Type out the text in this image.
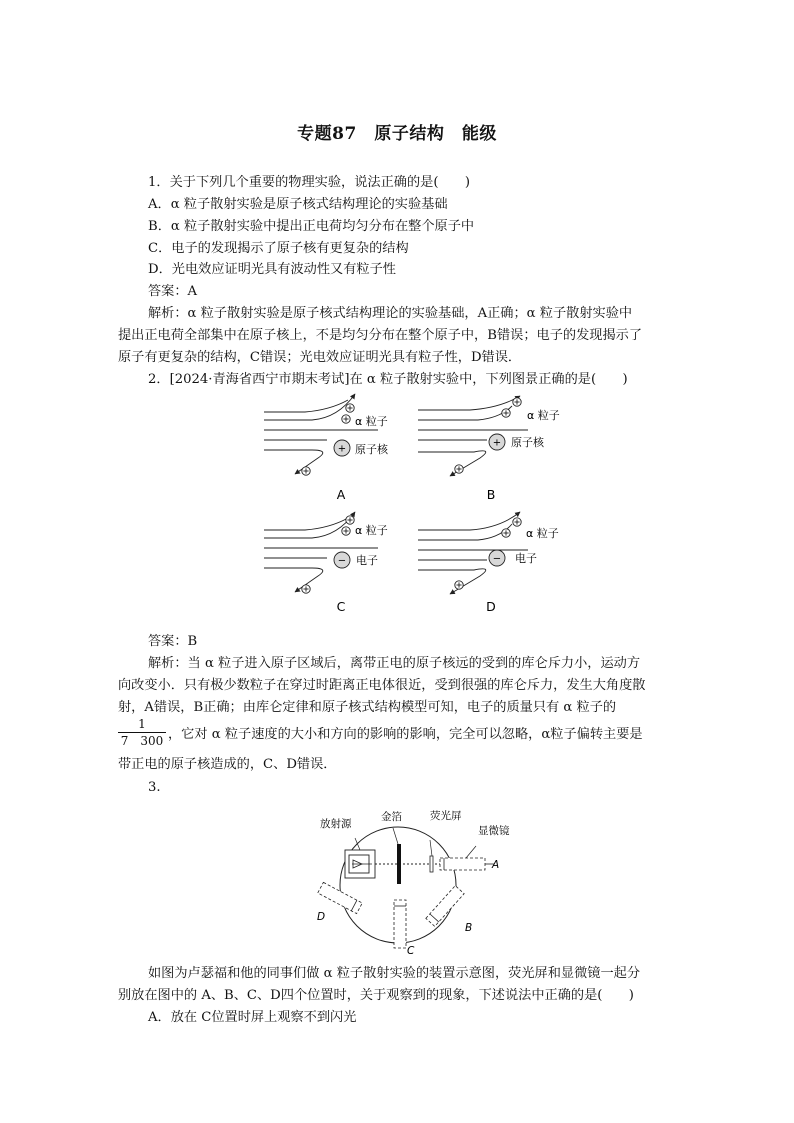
专题87　原子结构　能级
1．关于下列几个重要的物理实验，说法正确的是(　　)
A．α 粒子散射实验是原子核式结构理论的实验基础
B．α 粒子散射实验中提出正电荷均匀分布在整个原子中
C．电子的发现揭示了原子核有更复杂的结构
D．光电效应证明光具有波动性又有粒子性
答案：A
解析：α 粒子散射实验是原子核式结构理论的实验基础，A正确；α 粒子散射实验中
提出正电荷全部集中在原子核上，不是均匀分布在整个原子中，B错误；电子的发现揭示了
原子有更复杂的结构，C错误；光电效应证明光具有粒子性，D错误．
2．[2024·青海省西宁市期末考试]在 α 粒子散射实验中，下列图景正确的是(　　)
+
α 粒子
原子核
A
+
α 粒子
原子核
B
−
α 粒子
电子
C
−
α 粒子
电子
D
答案：B
解析：当 α 粒子进入原子区域后，离带正电的原子核远的受到的库仑斥力小，运动方
向改变小．只有极少数粒子在穿过时距离正电体很近，受到很强的库仑斥力，发生大角度散
射，A错误，B正确；由库仑定律和原子核式结构模型可知，电子的质量只有 α 粒子的
1
7　300 ，它对 α 粒子速度的大小和方向的影响的影响，完全可以忽略，α粒子偏转主要是
带正电的原子核造成的，C、D错误．
3.
放射源
金箔	荧光屏
显微镜
A
B
C
D
如图为卢瑟福和他的同事们做 α 粒子散射实验的装置示意图，荧光屏和显微镜一起分
别放在图中的 A、B、C、D四个位置时，关于观察到的现象，下述说法中正确的是(　　)
A．放在 C位置时屏上观察不到闪光
